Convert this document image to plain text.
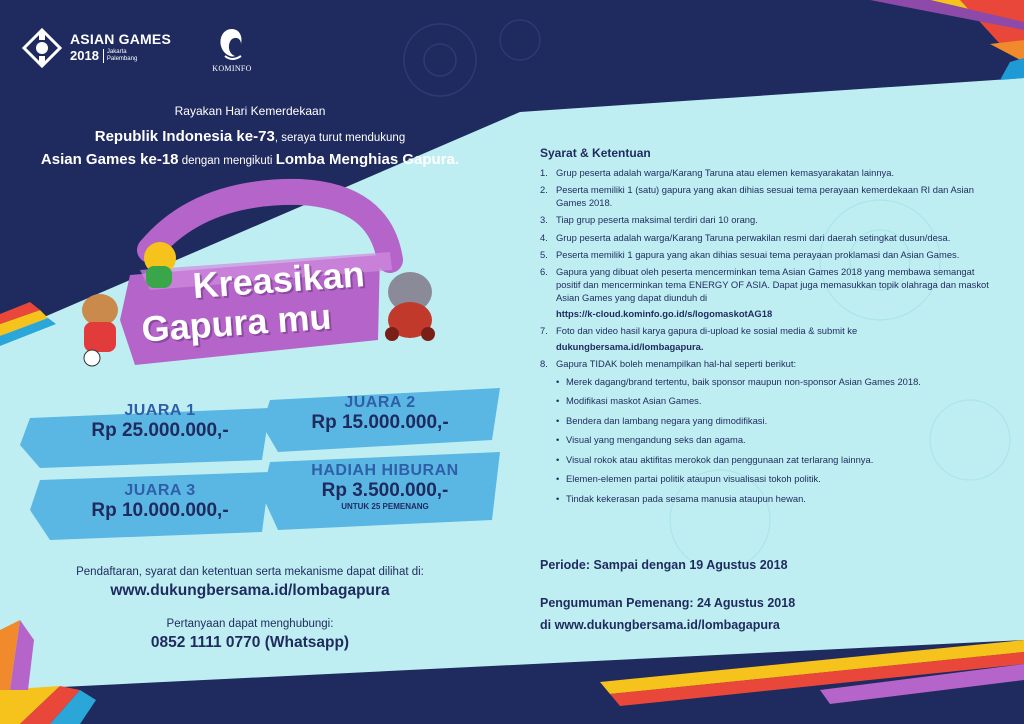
ASIAN GAMES
2018 Jakarta Palembang
KOMINFO
Rayakan Hari Kemerdekaan
Republik Indonesia ke-73, seraya turut mendukung
Asian Games ke-18 dengan mengikuti Lomba Menghias Gapura.
Kreasikan
Gapura mu
JUARA 1
Rp 25.000.000,-
JUARA 2
Rp 15.000.000,-
JUARA 3
Rp 10.000.000,-
HADIAH HIBURAN
Rp 3.500.000,-
UNTUK 25 PEMENANG
Pendaftaran, syarat dan ketentuan serta mekanisme dapat dilihat di:
www.dukungbersama.id/lombagapura
Pertanyaan dapat menghubungi:
0852 1111 0770 (Whatsapp)
Syarat & Ketentuan
1. Grup peserta adalah warga/Karang Taruna atau elemen kemasyarakatan lainnya.
2. Peserta memiliki 1 (satu) gapura yang akan dihias sesuai tema perayaan kemerdekaan RI dan Asian Games 2018.
3. Tiap grup peserta maksimal terdiri dari 10 orang.
4. Grup peserta adalah warga/Karang Taruna perwakilan resmi dari daerah setingkat dusun/desa.
5. Peserta memiliki 1 gapura yang akan dihias sesuai tema perayaan proklamasi dan Asian Games.
6. Gapura yang dibuat oleh peserta mencerminkan tema Asian Games 2018 yang membawa semangat positif dan mencerminkan tema ENERGY OF ASIA. Dapat juga memasukkan topik olahraga dan maskot Asian Games yang dapat diunduh di
https://k-cloud.kominfo.go.id/s/logomaskotAG18
7. Foto dan video hasil karya gapura di-upload ke sosial media & submit ke
dukungbersama.id/lombagapura.
8. Gapura TIDAK boleh menampilkan hal-hal seperti berikut:
• Merek dagang/brand tertentu, baik sponsor maupun non-sponsor Asian Games 2018.
• Modifikasi maskot Asian Games.
• Bendera dan lambang negara yang dimodifikasi.
• Visual yang mengandung seks dan agama.
• Visual rokok atau aktifitas merokok dan penggunaan zat terlarang lainnya.
• Elemen-elemen partai politik ataupun visualisasi tokoh politik.
• Tindak kekerasan pada sesama manusia ataupun hewan.
Periode: Sampai dengan 19 Agustus 2018
Pengumuman Pemenang: 24 Agustus 2018
di www.dukungbersama.id/lombagapura
